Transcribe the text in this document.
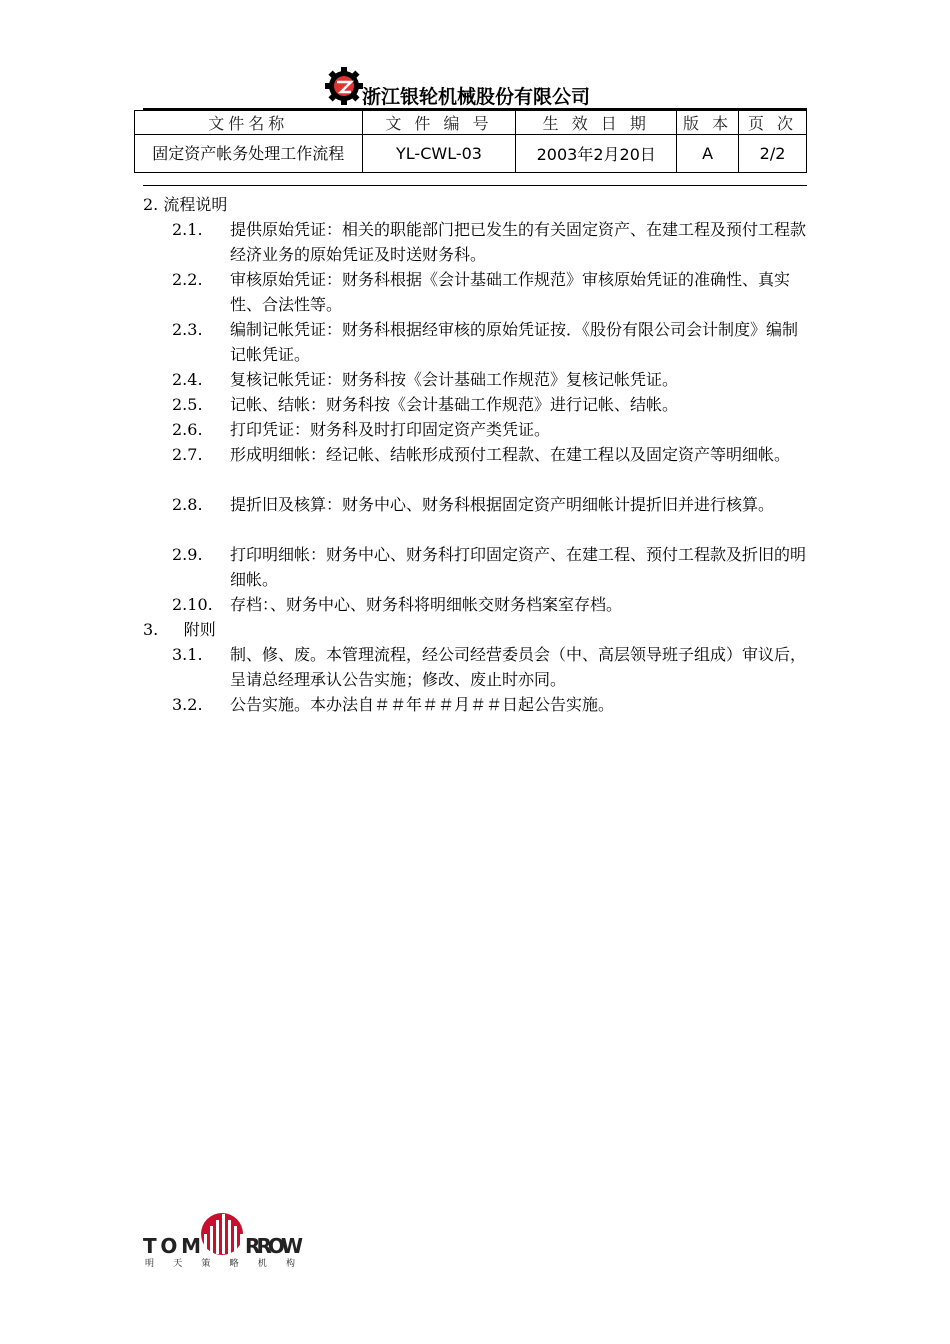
浙江银轮机械股份有限公司
文件名称	文 件 编 号	生 效 日 期	版 本	页 次
固定资产帐务处理工作流程	YL-CWL-03	2003年2月20日	A	2/2
2. 流程说明
2.1. 提供原始凭证：相关的职能部门把已发生的有关固定资产、在建工程及预付工程款经济业务的原始凭证及时送财务科。
2.2. 审核原始凭证：财务科根据《会计基础工作规范》审核原始凭证的准确性、真实性、合法性等。
2.3. 编制记帐凭证：财务科根据经审核的原始凭证按．《股份有限公司会计制度》编制记帐凭证。
2.4. 复核记帐凭证：财务科按《会计基础工作规范》复核记帐凭证。
2.5. 记帐、结帐：财务科按《会计基础工作规范》进行记帐、结帐。
2.6. 打印凭证：财务科及时打印固定资产类凭证。
2.7. 形成明细帐：经记帐、结帐形成预付工程款、在建工程以及固定资产等明细帐。
2.8. 提折旧及核算：财务中心、财务科根据固定资产明细帐计提折旧并进行核算。
2.9. 打印明细帐：财务中心、财务科打印固定资产、在建工程、预付工程款及折旧的明细帐。
2.10. 存档：、财务中心、财务科将明细帐交财务档案室存档。
3. 附则
3.1. 制、修、废。本管理流程，经公司经营委员会（中、高层领导班子组成）审议后，呈请总经理承认公告实施；修改、废止时亦同。
3.2. 公告实施。本办法自＃＃年＃＃月＃＃日起公告实施。
TOM RROW
明 天 策 略 机 构
